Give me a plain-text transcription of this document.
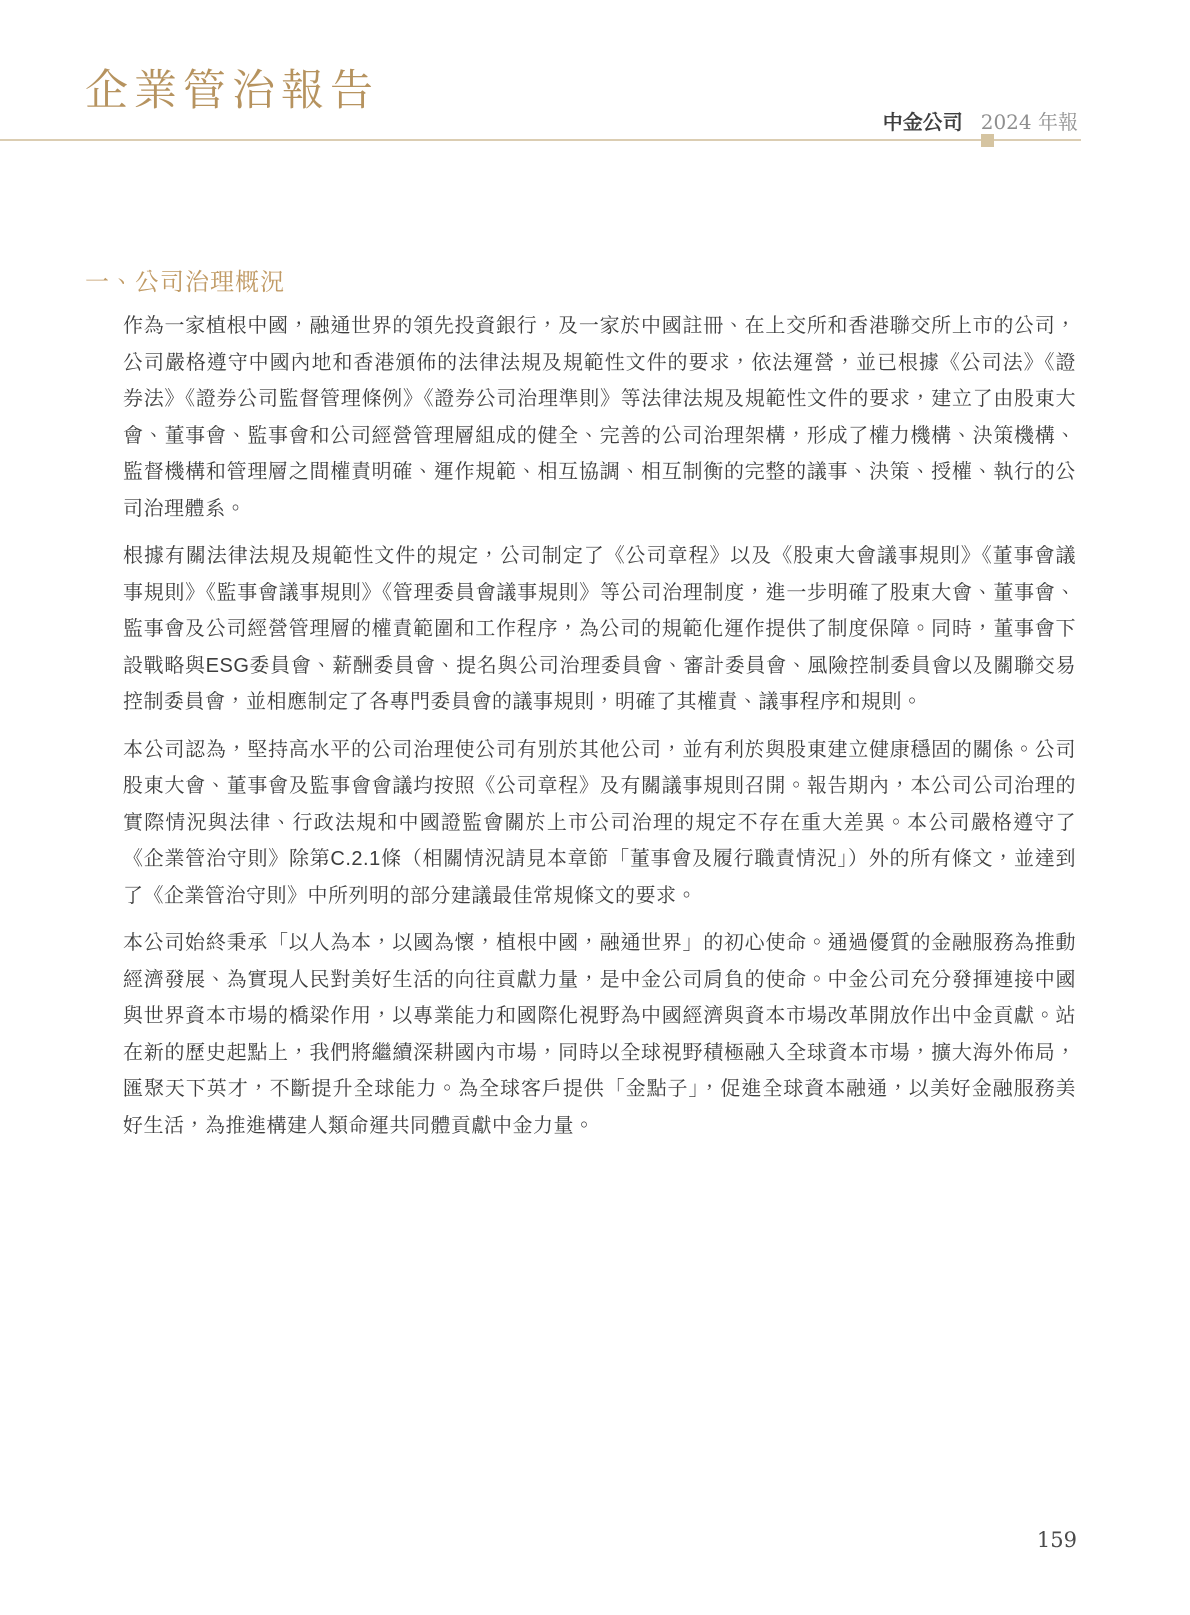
企業管治報告
中金公司 2024 年報
一、公司治理概況

作為一家植根中國，融通世界的領先投資銀行，及一家於中國註冊、在上交所和香港聯交所上市的公司，公司嚴格遵守中國內地和香港頒佈的法律法規及規範性文件的要求，依法運營，並已根據《公司法》《證券法》《證券公司監督管理條例》《證券公司治理準則》等法律法規及規範性文件的要求，建立了由股東大會、董事會、監事會和公司經營管理層組成的健全、完善的公司治理架構，形成了權力機構、決策機構、監督機構和管理層之間權責明確、運作規範、相互協調、相互制衡的完整的議事、決策、授權、執行的公司治理體系。

根據有關法律法規及規範性文件的規定，公司制定了《公司章程》以及《股東大會議事規則》《董事會議事規則》《監事會議事規則》《管理委員會議事規則》等公司治理制度，進一步明確了股東大會、董事會、監事會及公司經營管理層的權責範圍和工作程序，為公司的規範化運作提供了制度保障。同時，董事會下設戰略與ESG委員會、薪酬委員會、提名與公司治理委員會、審計委員會、風險控制委員會以及關聯交易控制委員會，並相應制定了各專門委員會的議事規則，明確了其權責、議事程序和規則。

本公司認為，堅持高水平的公司治理使公司有別於其他公司，並有利於與股東建立健康穩固的關係。公司股東大會、董事會及監事會會議均按照《公司章程》及有關議事規則召開。報告期內，本公司公司治理的實際情況與法律、行政法規和中國證監會關於上市公司治理的規定不存在重大差異。本公司嚴格遵守了《企業管治守則》除第C.2.1條（相關情況請見本章節「董事會及履行職責情況」）外的所有條文，並達到了《企業管治守則》中所列明的部分建議最佳常規條文的要求。

本公司始終秉承「以人為本，以國為懷，植根中國，融通世界」的初心使命。通過優質的金融服務為推動經濟發展、為實現人民對美好生活的向往貢獻力量，是中金公司肩負的使命。中金公司充分發揮連接中國與世界資本市場的橋梁作用，以專業能力和國際化視野為中國經濟與資本市場改革開放作出中金貢獻。站在新的歷史起點上，我們將繼續深耕國內市場，同時以全球視野積極融入全球資本市場，擴大海外佈局，匯聚天下英才，不斷提升全球能力。為全球客戶提供「金點子」，促進全球資本融通，以美好金融服務美好生活，為推進構建人類命運共同體貢獻中金力量。

159
